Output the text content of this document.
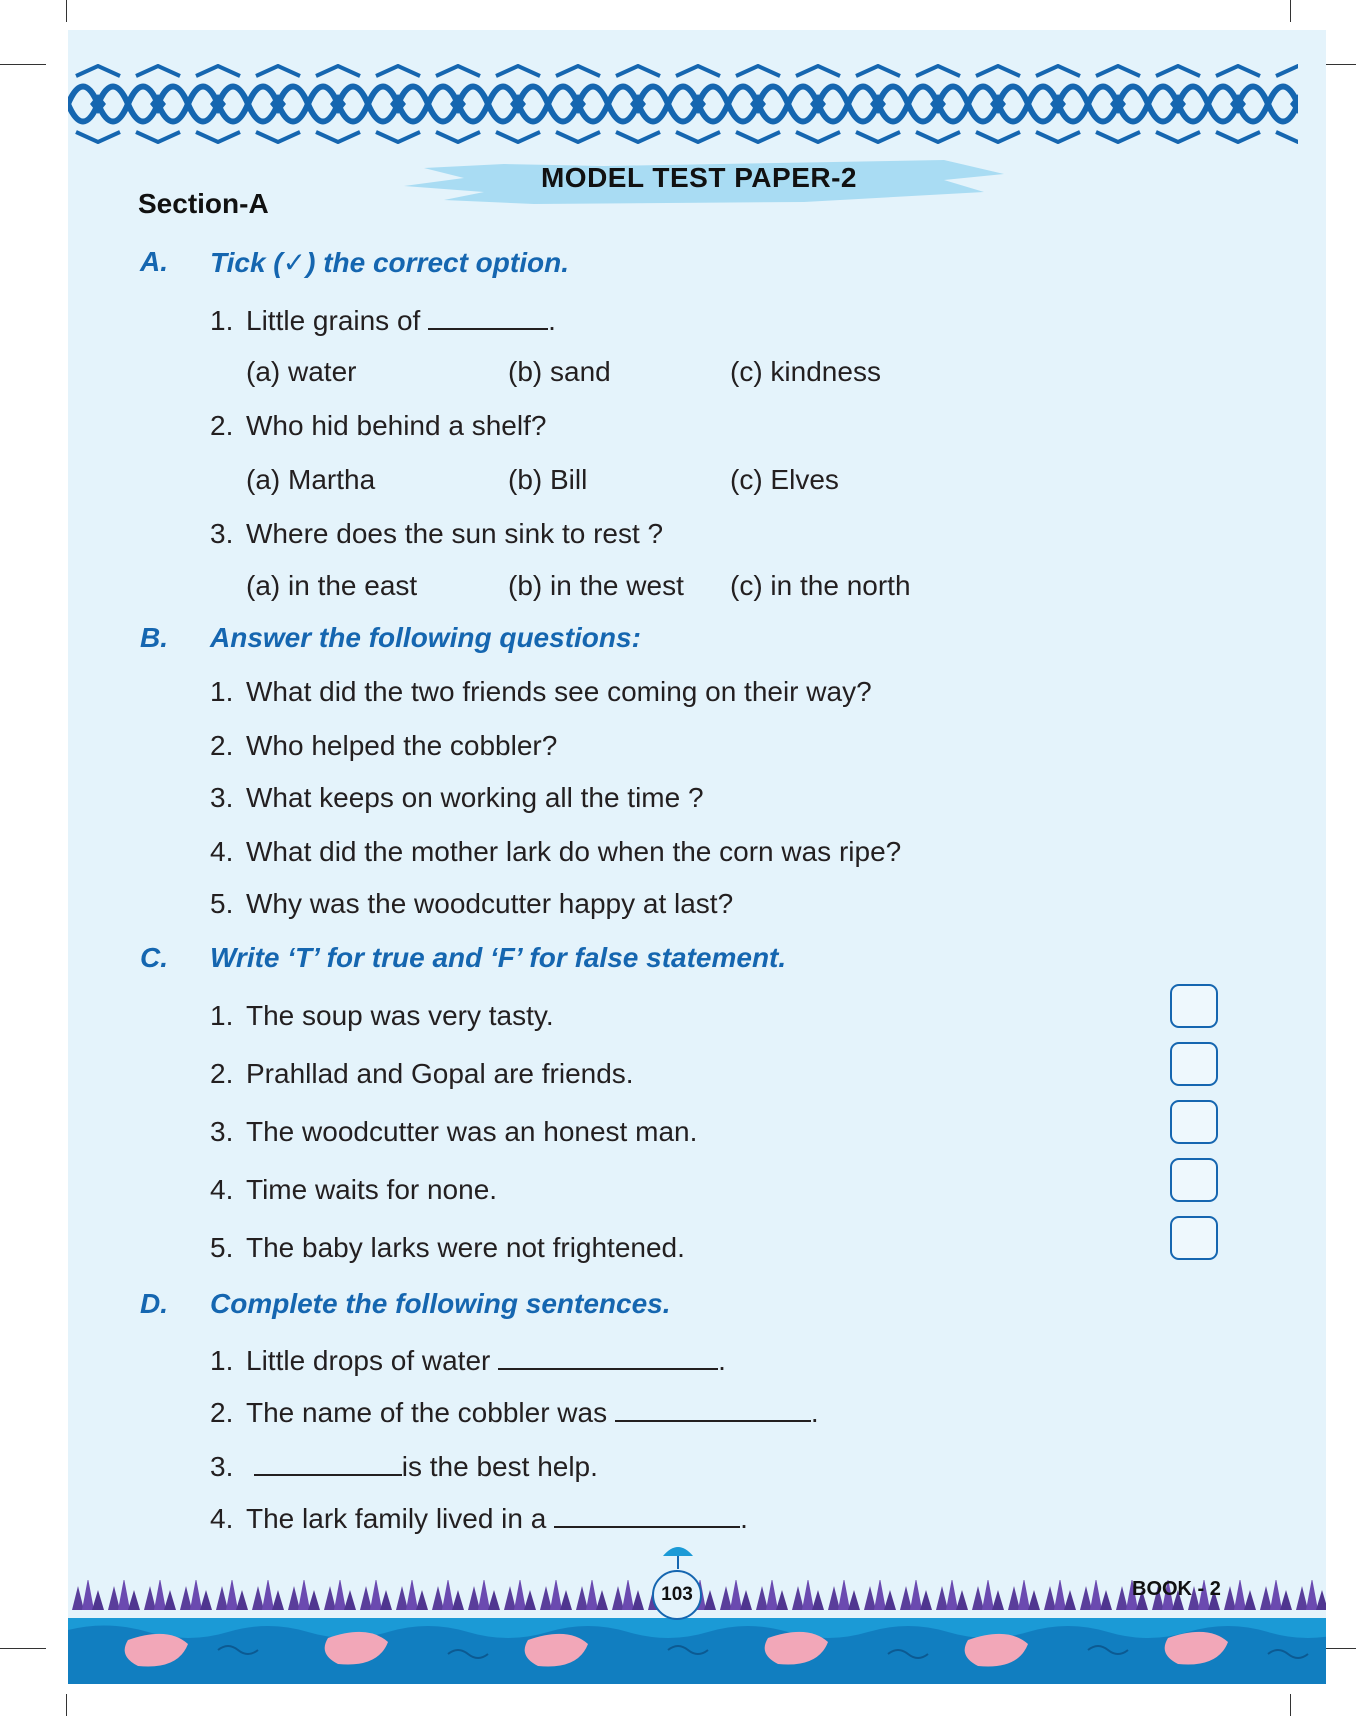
MODEL TEST PAPER-2
Section-A
A. Tick (✓) the correct option.
1. Little grains of	.
(a) water	(b) sand	(c) kindness
2. Who hid behind a shelf?
(a) Martha	(b) Bill	(c) Elves
3. Where does the sun sink to rest ?
(a) in the east	(b) in the west (c) in the north
B. Answer the following questions:
1. What did the two friends see coming on their way?
2. Who helped the cobbler?
3. What keeps on working all the time ?
4. What did the mother lark do when the corn was ripe?
5. Why was the woodcutter happy at last?
C. Write ‘T’ for true and ‘F’ for false statement.
1. The soup was very tasty.
2. Prahllad and Gopal are friends.
3. The woodcutter was an honest man.
4. Time waits for none.
5. The baby larks were not frightened.
D. Complete the following sentences.
1. Little drops of water	.
2. The name of the cobbler was	.
3.	is the best help.
4. The lark family lived in a	.
103	BOOK - 2
